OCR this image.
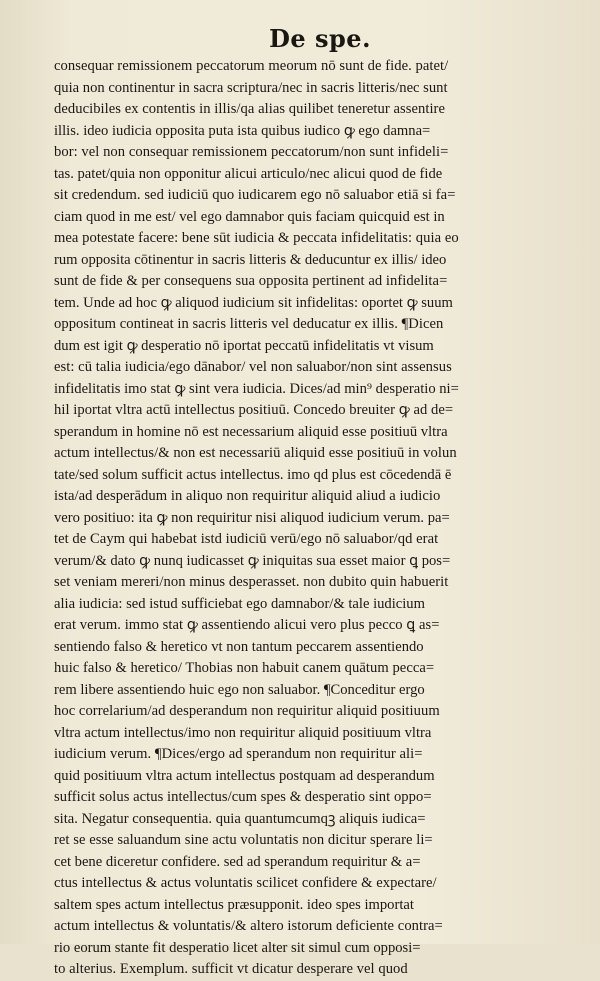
De spe.
consequar remissionem peccatorum meorum nō sunt de fide. patet/
quia non continentur in sacra scriptura/nec in sacris litteris/nec sunt
deducibiles ex contentis in illis/qa alias quilibet teneretur assentire
illis. ideo iudicia opposita puta ista quibus iudico ꝙ ego damna=
bor: vel non consequar remissionem peccatorum/non sunt infideli=
tas. patet/quia non opponitur alicui articulo/nec alicui quod de fide
sit credendum. sed iudiciū quo iudicarem ego nō saluabor etiā si fa=
ciam quod in me est/ vel ego damnabor quis faciam quicquid est in
mea potestate facere: bene sūt iudicia & peccata infidelitatis: quia eo
rum opposita cōtinentur in sacris litteris & deducuntur ex illis/ ideo
sunt de fide & per consequens sua opposita pertinent ad infidelita=
tem. Unde ad hoc ꝙ aliquod iudicium sit infidelitas: oportet ꝙ suum
oppositum contineat in sacris litteris vel deducatur ex illis. ¶Dicen
dum est igit ꝙ desperatio nō iportat peccatū infidelitatis vt visum
est: cū talia iudicia/ego dānabor/ vel non saluabor/non sint assensus
infidelitatis imo stat ꝙ sint vera iudicia. Dices/ad min⁹ desperatio ni=
hil iportat vltra actū intellectus positiuū. Concedo breuiter ꝙ ad de=
sperandum in homine nō est necessarium aliquid esse positiuū vltra
actum intellectus/& non est necessariū aliquid esse positiuū in volun
tate/sed solum sufficit actus intellectus. imo qd plus est cōcedendā ē
ista/ad desperādum in aliquo non requiritur aliquid aliud a iudicio
vero positiuo: ita ꝙ non requiritur nisi aliquod iudicium verum. pa=
tet de Caym qui habebat istd iudiciū verū/ego nō saluabor/qd erat
verum/& dato ꝙ nunq iudicasset ꝙ iniquitas sua esset maior ꝗ pos=
set veniam mereri/non minus desperasset. non dubito quin habuerit
alia iudicia: sed istud sufficiebat ego damnabor/& tale iudicium
erat verum. immo stat ꝙ assentiendo alicui vero plus pecco ꝗ as=
sentiendo falso & heretico vt non tantum peccarem assentiendo
huic falso & heretico/ Thobias non habuit canem quātum pecca=
rem libere assentiendo huic ego non saluabor. ¶Conceditur ergo
hoc correlarium/ad desperandum non requiritur aliquid positiuum
vltra actum intellectus/imo non requiritur aliquid positiuum vltra
iudicium verum. ¶Dices/ergo ad sperandum non requiritur ali=
quid positiuum vltra actum intellectus postquam ad desperandum
sufficit solus actus intellectus/cum spes & desperatio sint oppo=
sita. Negatur consequentia. quia quantumcumqꝫ aliquis iudica=
ret se esse saluandum sine actu voluntatis non dicitur sperare li=
cet bene diceretur confidere. sed ad sperandum requiritur & a=
ctus intellectus & actus voluntatis scilicet confidere & expectare/
saltem spes actum intellectus præsupponit. ideo spes importat
actum intellectus & voluntatis/& altero istorum deficiente contra=
rio eorum stante fit desperatio licet alter sit simul cum opposi=
to alterius. Exemplum. sufficit vt dicatur desperare vel quod
